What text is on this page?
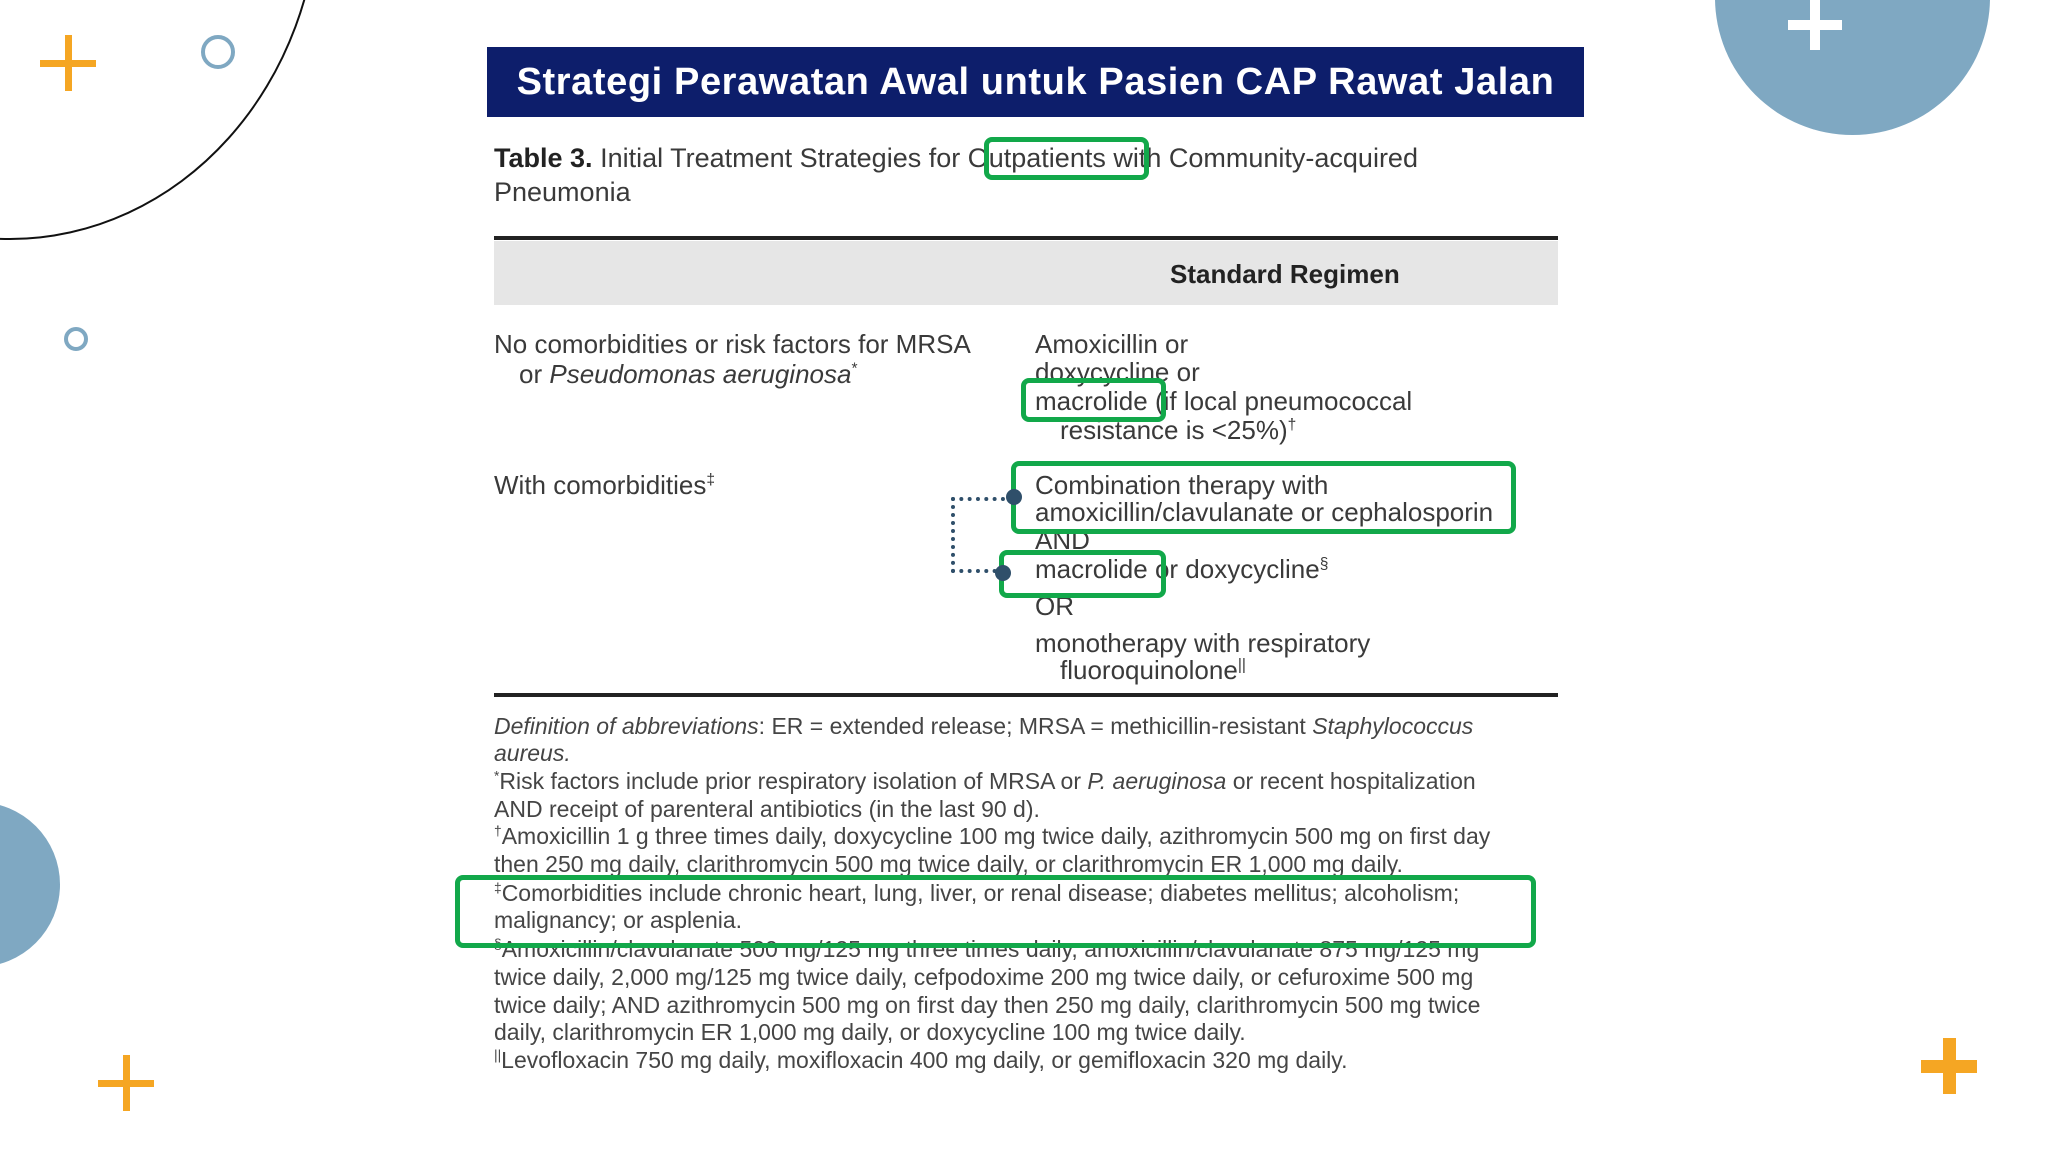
Strategi Perawatan Awal untuk Pasien CAP Rawat Jalan
Table 3. Initial Treatment Strategies for Outpatients with Community-acquired
Pneumonia
Standard Regimen
No comorbidities or risk factors for MRSA
or Pseudomonas aeruginosa*
Amoxicillin or
doxycycline or
macrolide (if local pneumococcal
resistance is <25%)†
With comorbidities‡	Combination therapy with
amoxicillin/clavulanate or cephalosporin
AND
macrolide or doxycycline§
OR
monotherapy with respiratory
fluoroquinolone||
Definition of abbreviations: ER = extended release; MRSA = methicillin-resistant Staphylococcus
aureus.
*Risk factors include prior respiratory isolation of MRSA or P. aeruginosa or recent hospitalization
AND receipt of parenteral antibiotics (in the last 90 d).
†Amoxicillin 1 g three times daily, doxycycline 100 mg twice daily, azithromycin 500 mg on first day
then 250 mg daily, clarithromycin 500 mg twice daily, or clarithromycin ER 1,000 mg daily.
‡Comorbidities include chronic heart, lung, liver, or renal disease; diabetes mellitus; alcoholism;
malignancy; or asplenia.
§Amoxicillin/clavulanate 500 mg/125 mg three times daily, amoxicillin/clavulanate 875 mg/125 mg
twice daily, 2,000 mg/125 mg twice daily, cefpodoxime 200 mg twice daily, or cefuroxime 500 mg
twice daily; AND azithromycin 500 mg on first day then 250 mg daily, clarithromycin 500 mg twice
daily, clarithromycin ER 1,000 mg daily, or doxycycline 100 mg twice daily.
||Levofloxacin 750 mg daily, moxifloxacin 400 mg daily, or gemifloxacin 320 mg daily.
